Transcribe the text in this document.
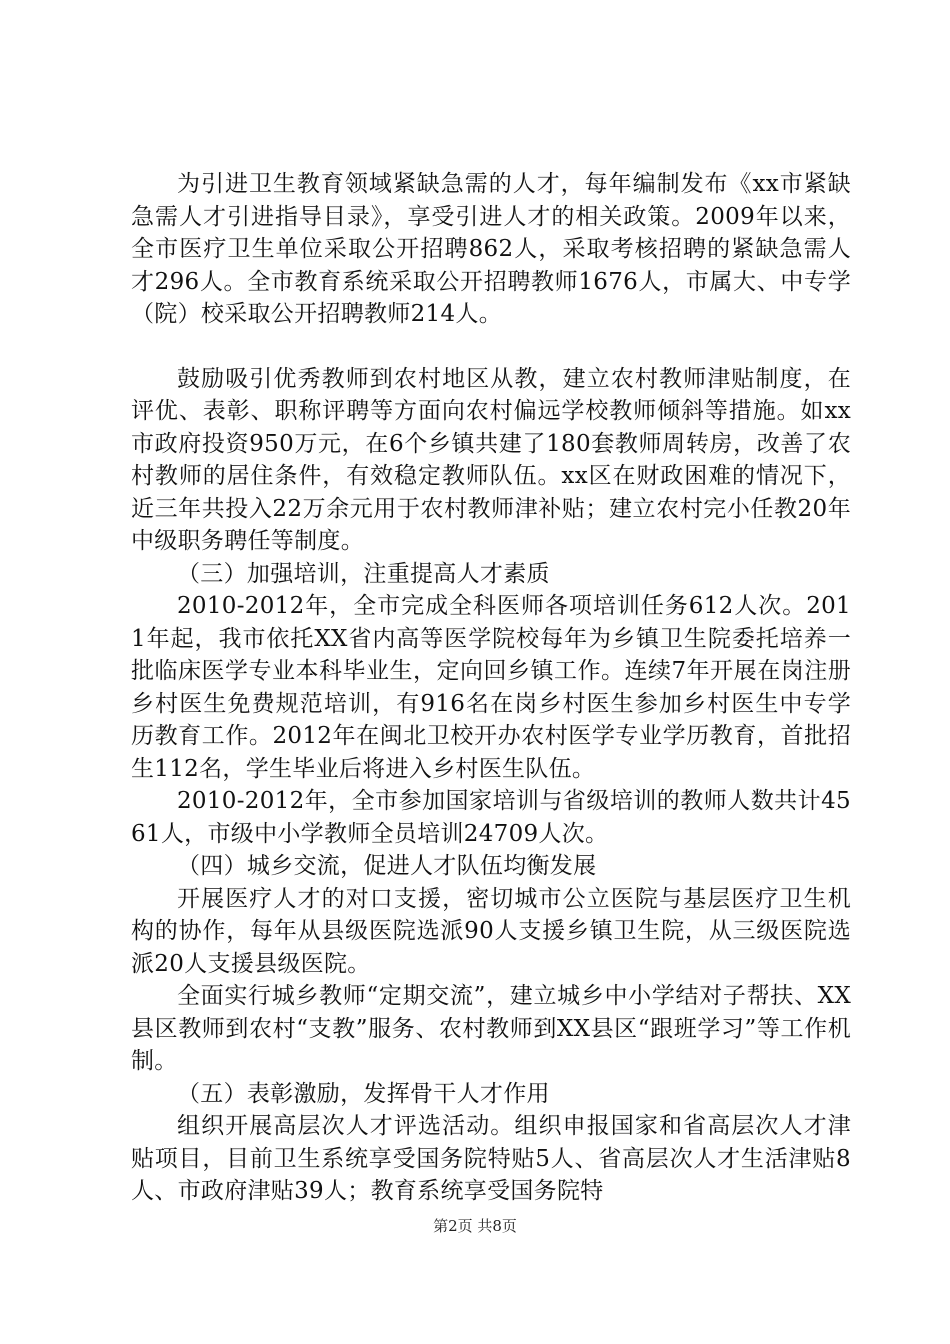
为引进卫生教育领域紧缺急需的人才，每年编制发布《xx市紧缺急需人才引进指导目录》，享受引进人才的相关政策。2009年以来，全市医疗卫生单位采取公开招聘862人，采取考核招聘的紧缺急需人才296人。全市教育系统采取公开招聘教师1676人，市属大、中专学（院）校采取公开招聘教师214人。

鼓励吸引优秀教师到农村地区从教，建立农村教师津贴制度，在评优、表彰、职称评聘等方面向农村偏远学校教师倾斜等措施。如xx市政府投资950万元，在6个乡镇共建了180套教师周转房，改善了农村教师的居住条件，有效稳定教师队伍。xx区在财政困难的情况下，近三年共投入22万余元用于农村教师津补贴；建立农村完小任教20年中级职务聘任等制度。

（三）加强培训，注重提高人才素质

2010-2012年，全市完成全科医师各项培训任务612人次。2011年起，我市依托XX省内高等医学院校每年为乡镇卫生院委托培养一批临床医学专业本科毕业生，定向回乡镇工作。连续7年开展在岗注册乡村医生免费规范培训，有916名在岗乡村医生参加乡村医生中专学历教育工作。2012年在闽北卫校开办农村医学专业学历教育，首批招生112名，学生毕业后将进入乡村医生队伍。

2010-2012年，全市参加国家培训与省级培训的教师人数共计4561人，市级中小学教师全员培训24709人次。

（四）城乡交流，促进人才队伍均衡发展

开展医疗人才的对口支援，密切城市公立医院与基层医疗卫生机构的协作，每年从县级医院选派90人支援乡镇卫生院，从三级医院选派20人支援县级医院。

全面实行城乡教师“定期交流”，建立城乡中小学结对子帮扶、XX县区教师到农村“支教”服务、农村教师到XX县区“跟班学习”等工作机制。

（五）表彰激励，发挥骨干人才作用

组织开展高层次人才评选活动。组织申报国家和省高层次人才津贴项目，目前卫生系统享受国务院特贴5人、省高层次人才生活津贴8人、市政府津贴39人；教育系统享受国务院特

第2页 共8页
